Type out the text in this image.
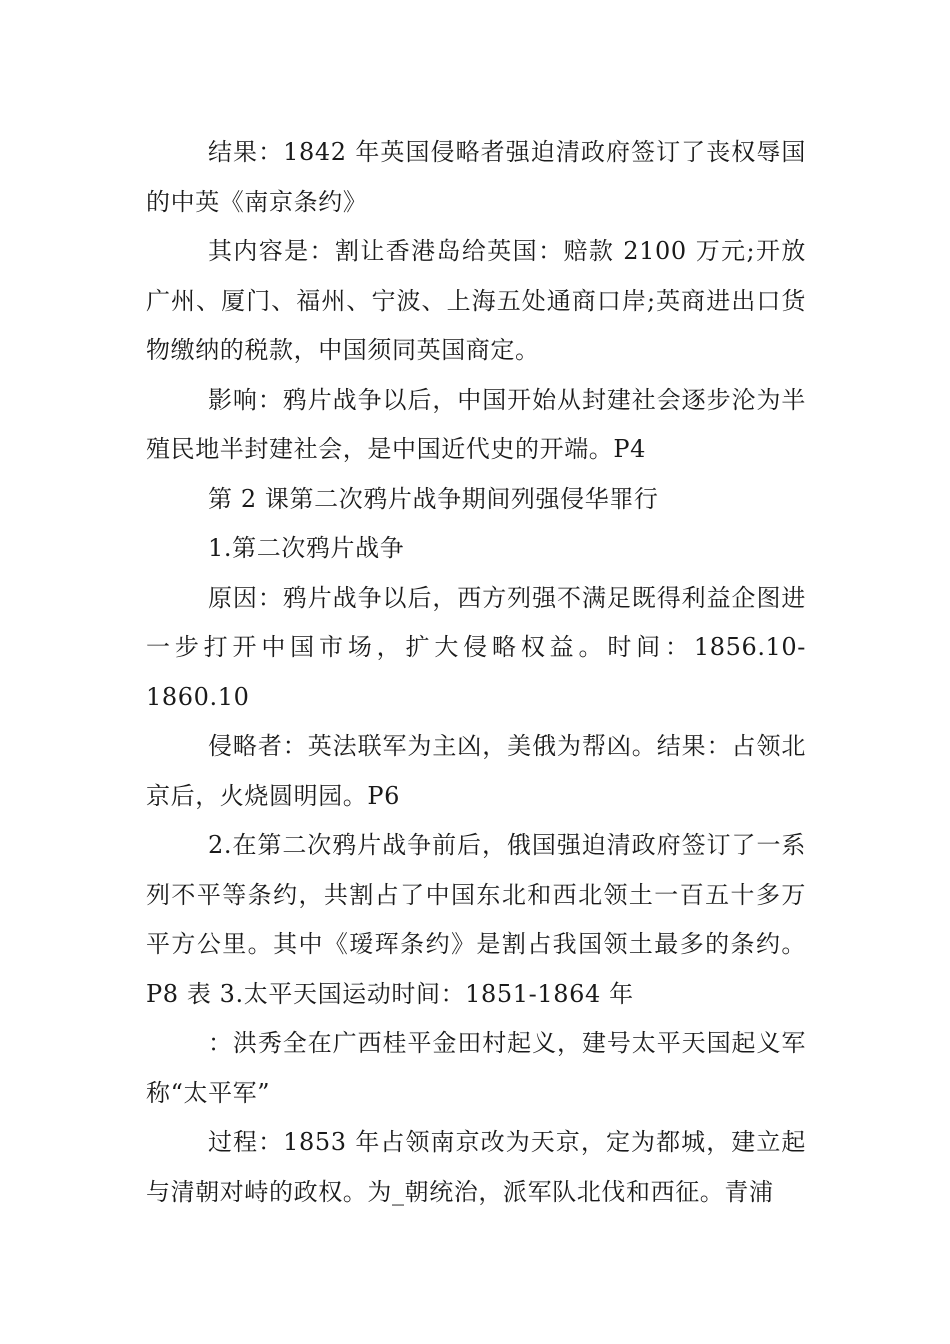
结果：1842 年英国侵略者强迫清政府签订了丧权辱国的中英《南京条约》

其内容是：割让香港岛给英国：赔款 2100 万元;开放广州、厦门、福州、宁波、上海五处通商口岸;英商进出口货物缴纳的税款，中国须同英国商定。

影响：鸦片战争以后，中国开始从封建社会逐步沦为半殖民地半封建社会，是中国近代史的开端。P4

第 2 课第二次鸦片战争期间列强侵华罪行

1.第二次鸦片战争

原因：鸦片战争以后，西方列强不满足既得利益企图进一步打开中国市场，扩大侵略权益。时间：1856.10-1860.10

侵略者：英法联军为主凶，美俄为帮凶。结果：占领北京后，火烧圆明园。P6

2.在第二次鸦片战争前后，俄国强迫清政府签订了一系列不平等条约，共割占了中国东北和西北领土一百五十多万平方公里。其中《瑷珲条约》是割占我国领土最多的条约。P8 表 3.太平天国运动时间：1851-1864 年

：洪秀全在广西桂平金田村起义，建号太平天国起义军称“太平军”

过程：1853 年占领南京改为天京，定为都城，建立起与清朝对峙的政权。为_朝统治，派军队北伐和西征。青浦
